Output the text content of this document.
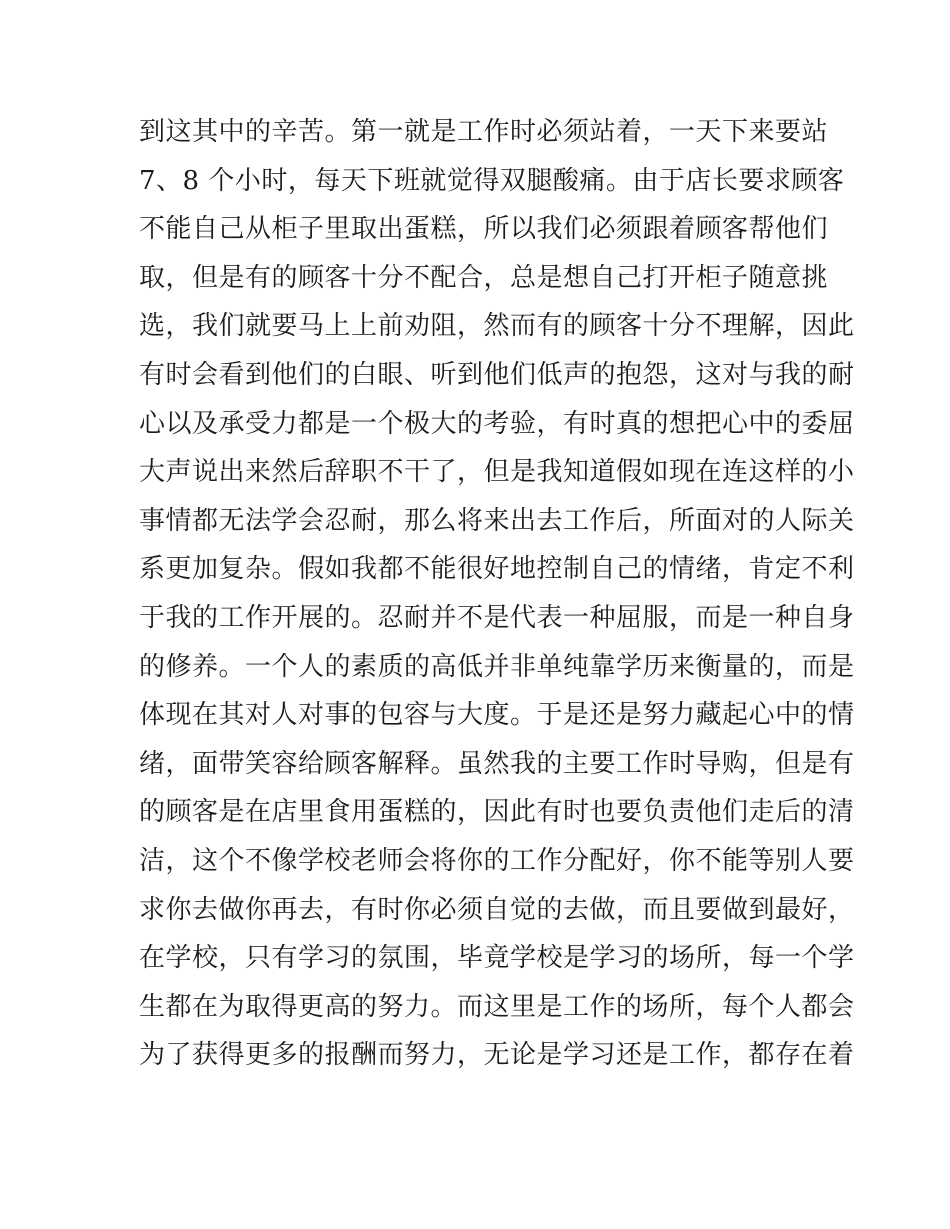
到这其中的辛苦。第一就是工作时必须站着，一天下来要站
7、8 个小时，每天下班就觉得双腿酸痛。由于店长要求顾客
不能自己从柜子里取出蛋糕，所以我们必须跟着顾客帮他们
取，但是有的顾客十分不配合，总是想自己打开柜子随意挑
选，我们就要马上上前劝阻，然而有的顾客十分不理解，因此
有时会看到他们的白眼、听到他们低声的抱怨，这对与我的耐
心以及承受力都是一个极大的考验，有时真的想把心中的委屈
大声说出来然后辞职不干了，但是我知道假如现在连这样的小
事情都无法学会忍耐，那么将来出去工作后，所面对的人际关
系更加复杂。假如我都不能很好地控制自己的情绪，肯定不利
于我的工作开展的。忍耐并不是代表一种屈服，而是一种自身
的修养。一个人的素质的高低并非单纯靠学历来衡量的，而是
体现在其对人对事的包容与大度。于是还是努力藏起心中的情
绪，面带笑容给顾客解释。虽然我的主要工作时导购，但是有
的顾客是在店里食用蛋糕的，因此有时也要负责他们走后的清
洁，这个不像学校老师会将你的工作分配好，你不能等别人要
求你去做你再去，有时你必须自觉的去做，而且要做到最好，
在学校，只有学习的氛围，毕竟学校是学习的场所，每一个学
生都在为取得更高的努力。而这里是工作的场所，每个人都会
为了获得更多的报酬而努力，无论是学习还是工作，都存在着
